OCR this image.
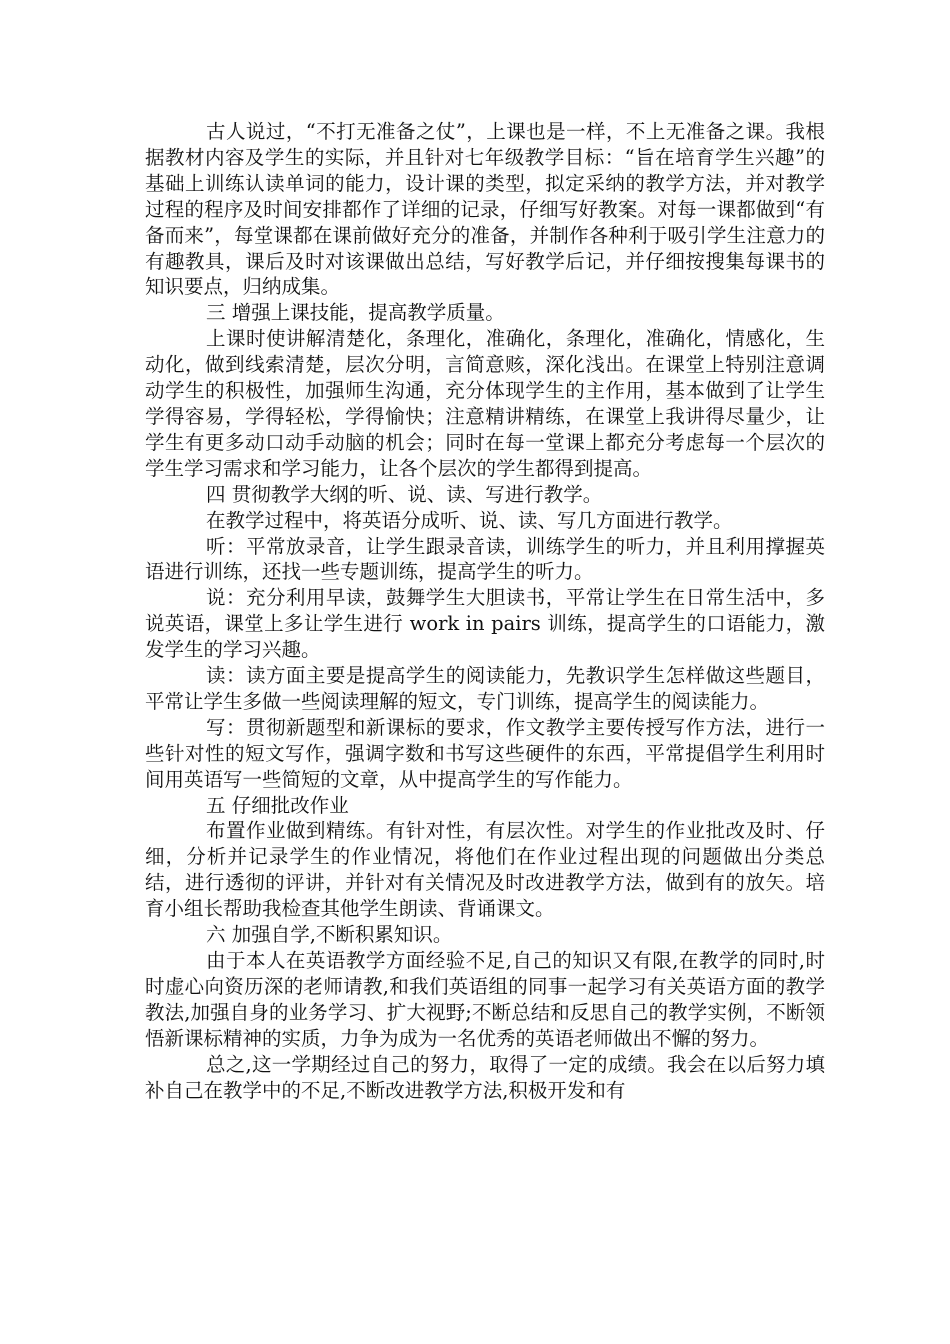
古人说过，“不打无准备之仗”，上课也是一样，不上无准备之课。我根据教材内容及学生的实际，并且针对七年级教学目标：“旨在培育学生兴趣”的基础上训练认读单词的能力，设计课的类型，拟定采纳的教学方法，并对教学过程的程序及时间安排都作了详细的记录，仔细写好教案。对每一课都做到“有备而来”，每堂课都在课前做好充分的准备，并制作各种利于吸引学生注意力的有趣教具，课后及时对该课做出总结，写好教学后记，并仔细按搜集每课书的知识要点，归纳成集。

三 增强上课技能，提高教学质量。

上课时使讲解清楚化，条理化，准确化，条理化，准确化，情感化，生动化，做到线索清楚，层次分明，言简意赅，深化浅出。在课堂上特别注意调动学生的积极性，加强师生沟通，充分体现学生的主作用，基本做到了让学生学得容易，学得轻松，学得愉快；注意精讲精练，在课堂上我讲得尽量少，让学生有更多动口动手动脑的机会；同时在每一堂课上都充分考虑每一个层次的学生学习需求和学习能力，让各个层次的学生都得到提高。

四 贯彻教学大纲的听、说、读、写进行教学。

在教学过程中，将英语分成听、说、读、写几方面进行教学。

听：平常放录音，让学生跟录音读，训练学生的听力，并且利用撑握英语进行训练，还找一些专题训练，提高学生的听力。

说：充分利用早读，鼓舞学生大胆读书，平常让学生在日常生活中，多说英语，课堂上多让学生进行 work in pairs 训练，提高学生的口语能力，激发学生的学习兴趣。

读：读方面主要是提高学生的阅读能力，先教识学生怎样做这些题目，平常让学生多做一些阅读理解的短文，专门训练，提高学生的阅读能力。

写：贯彻新题型和新课标的要求，作文教学主要传授写作方法，进行一些针对性的短文写作，强调字数和书写这些硬件的东西，平常提倡学生利用时间用英语写一些简短的文章，从中提高学生的写作能力。

五 仔细批改作业

布置作业做到精练。有针对性，有层次性。对学生的作业批改及时、仔细，分析并记录学生的作业情况，将他们在作业过程出现的问题做出分类总结，进行透彻的评讲，并针对有关情况及时改进教学方法，做到有的放矢。培育小组长帮助我检查其他学生朗读、背诵课文。

六 加强自学,不断积累知识。

由于本人在英语教学方面经验不足,自己的知识又有限,在教学的同时,时时虚心向资历深的老师请教,和我们英语组的同事一起学习有关英语方面的教学教法,加强自身的业务学习、扩大视野;不断总结和反思自己的教学实例，不断领悟新课标精神的实质，力争为成为一名优秀的英语老师做出不懈的努力。

总之,这一学期经过自己的努力，取得了一定的成绩。我会在以后努力填补自己在教学中的不足,不断改进教学方法,积极开发和有
